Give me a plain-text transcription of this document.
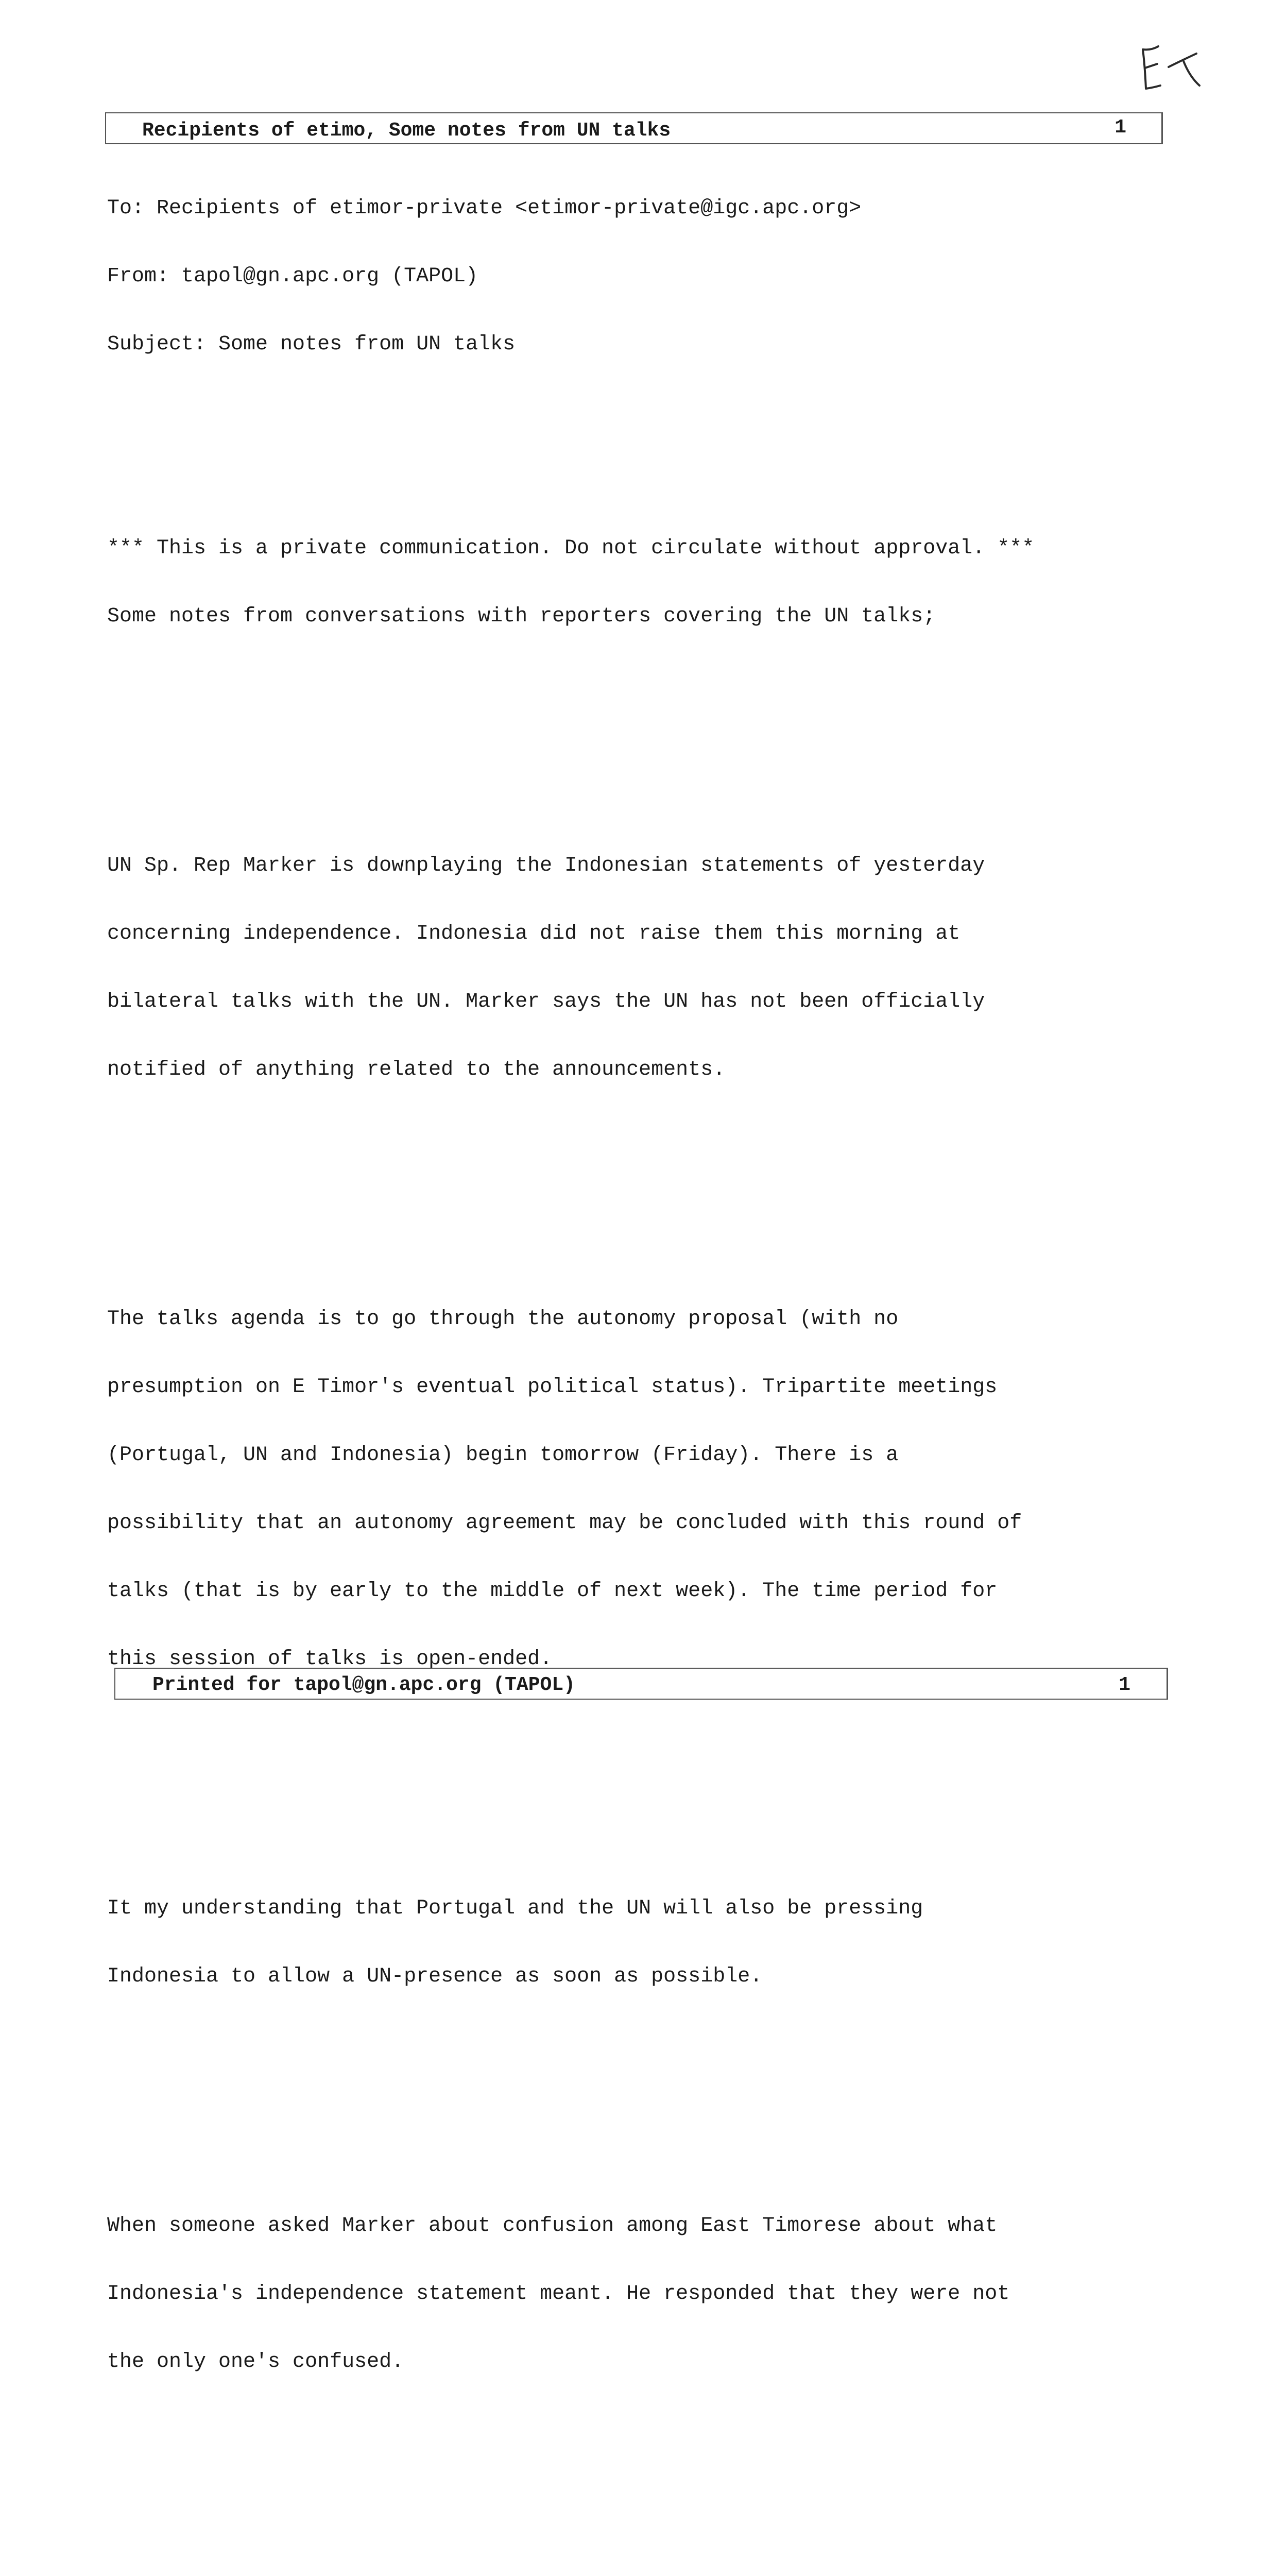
Recipients of etimo, Some notes from UN talks	1

To: Recipients of etimor-private <etimor-private@igc.apc.org>

From: tapol@gn.apc.org (TAPOL)

Subject: Some notes from UN talks

*** This is a private communication. Do not circulate without approval. ***

Some notes from conversations with reporters covering the UN talks;

UN Sp. Rep Marker is downplaying the Indonesian statements of yesterday

concerning independence. Indonesia did not raise them this morning at

bilateral talks with the UN. Marker says the UN has not been officially

notified of anything related to the announcements.

The talks agenda is to go through the autonomy proposal (with no

presumption on E Timor's eventual political status). Tripartite meetings

(Portugal, UN and Indonesia) begin tomorrow (Friday). There is a

possibility that an autonomy agreement may be concluded with this round of

talks (that is by early to the middle of next week). The time period for

this session of talks is open-ended.

It my understanding that Portugal and the UN will also be pressing

Indonesia to allow a UN-presence as soon as possible.

When someone asked Marker about confusion among East Timorese about what

Indonesia's independence statement meant. He responded that they were not

the only one's confused.

Printed for tapol@gn.apc.org (TAPOL)	1
